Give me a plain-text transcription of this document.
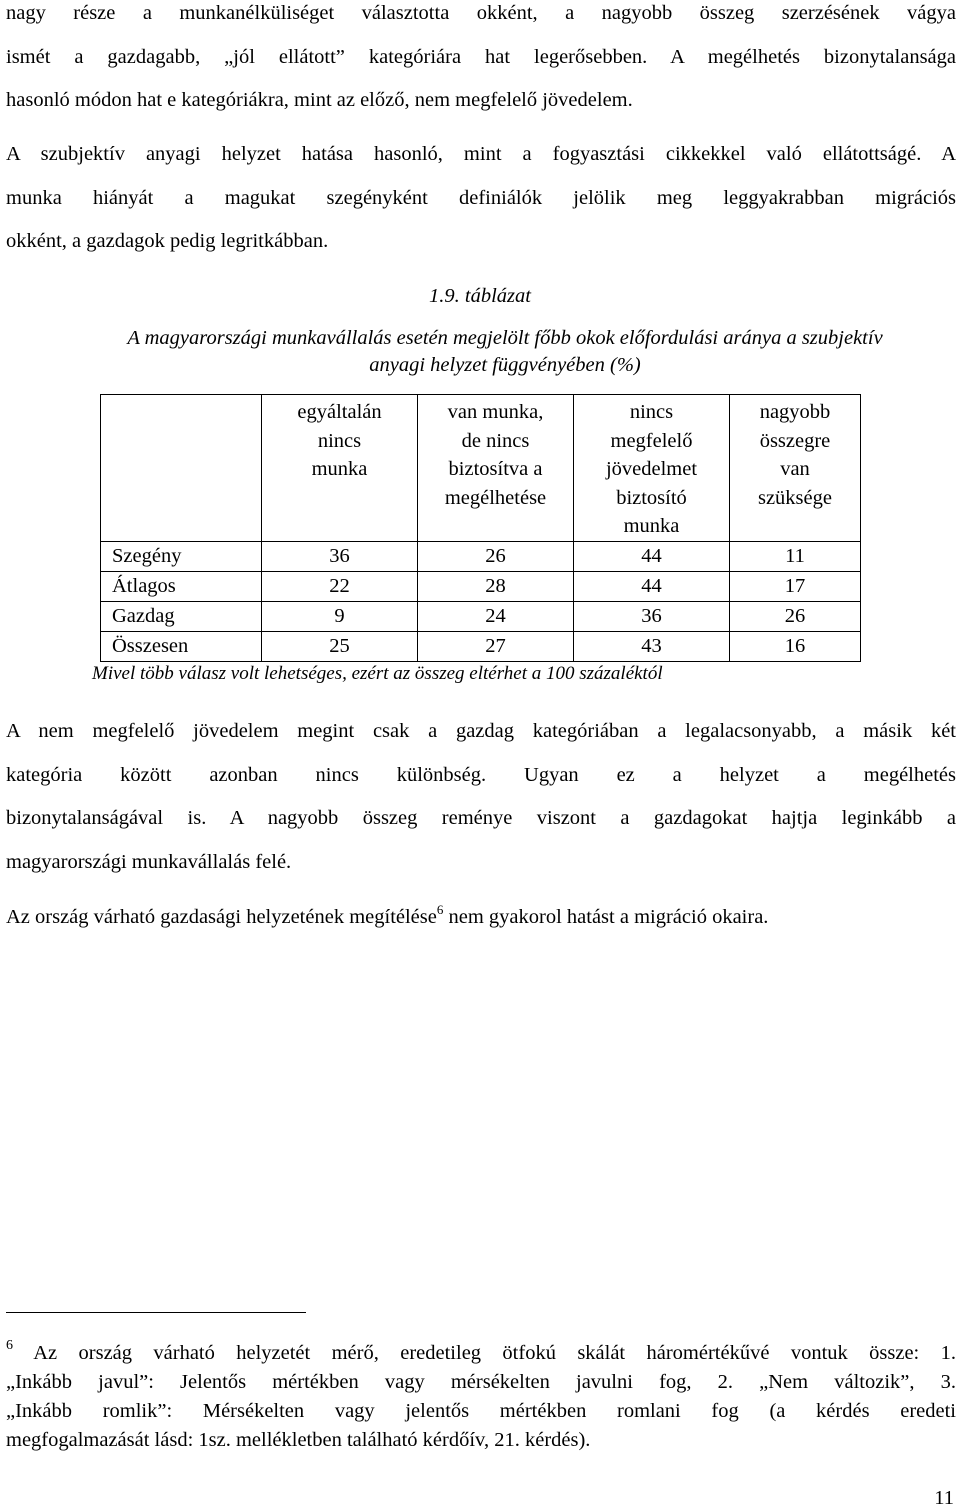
nagy része a munkanélküliséget választotta okként, a nagyobb összeg szerzésének vágya
ismét a gazdagabb, „jól ellátott” kategóriára hat legerősebben. A megélhetés bizonytalansága
hasonló módon hat e kategóriákra, mint az előző, nem megfelelő jövedelem.

A szubjektív anyagi helyzet hatása hasonló, mint a fogyasztási cikkekkel való ellátottságé. A
munka hiányát a magukat szegényként definiálók jelölik meg leggyakrabban migrációs
okként, a gazdagok pedig legritkábban.

1.9. táblázat

A magyarországi munkavállalás esetén megjelölt főbb okok előfordulási aránya a szubjektív
anyagi helyzet függvényében (%)

	egyáltalán
nincs
munka	van munka,
de nincs
biztosítva a
megélhetése	nincs
megfelelő
jövedelmet
biztosító
munka	nagyobb
összegre
van
szüksége
Szegény	36	26	44	11
Átlagos	22	28	44	17
Gazdag	9	24	36	26
Összesen	25	27	43	16

Mivel több válasz volt lehetséges, ezért az összeg eltérhet a 100 százaléktól

A nem megfelelő jövedelem megint csak a gazdag kategóriában a legalacsonyabb, a másik két
kategória között azonban nincs különbség. Ugyan ez a helyzet a megélhetés
bizonytalanságával is. A nagyobb összeg reménye viszont a gazdagokat hajtja leginkább a
magyarországi munkavállalás felé.

Az ország várható gazdasági helyzetének megítélése$^6$ nem gyakorol hatást a migráció okaira.

$^6$ Az ország várható helyzetét mérő, eredetileg ötfokú skálát háromértékűvé vontuk össze: 1.
„Inkább javul”: Jelentős mértékben vagy mérsékelten javulni fog, 2. „Nem változik”, 3.
„Inkább romlik”: Mérsékelten vagy jelentős mértékben romlani fog (a kérdés eredeti
megfogalmazását lásd: 1sz. mellékletben található kérdőív, 21. kérdés).

11
